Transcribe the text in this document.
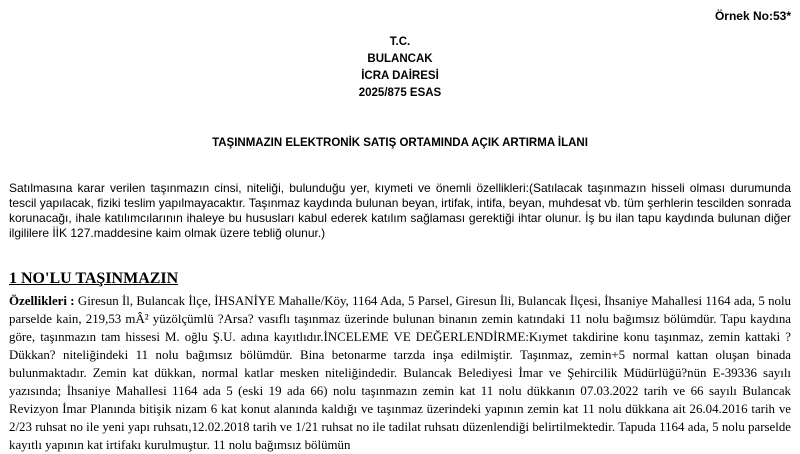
Örnek No:53*
T.C.
BULANCAK
İCRA DAİRESİ
2025/875 ESAS
TAŞINMAZIN ELEKTRONİK SATIŞ ORTAMINDA AÇIK ARTIRMA İLANI

Satılmasına karar verilen taşınmazın cinsi, niteliği, bulunduğu yer, kıymeti ve önemli özellikleri:(Satılacak taşınmazın hisseli olması durumunda tescil yapılacak, fiziki teslim yapılmayacaktır. Taşınmaz kaydında bulunan beyan, irtifak, intifa, beyan, muhdesat vb. tüm şerhlerin tescilden sonrada korunacağı, ihale katılımcılarının ihaleye bu hususları kabul ederek katılım sağlaması gerektiği ihtar olunur. İş bu ilan tapu kaydında bulunan diğer ilgililere İİK 127.maddesine kaim olmak üzere tebliğ olunur.)

1 NO'LU TAŞINMAZIN

Özellikleri : Giresun İl, Bulancak İlçe, İHSANİYE Mahalle/Köy, 1164 Ada, 5 Parsel, Giresun İli, Bulancak İlçesi, İhsaniye Mahallesi 1164 ada, 5 nolu parselde kain, 219,53 mÂ² yüzölçümlü ?Arsa? vasıflı taşınmaz üzerinde bulunan binanın zemin katındaki 11 nolu bağımsız bölümdür. Tapu kaydına göre, taşınmazın tam hissesi M. oğlu Ş.U. adına kayıtlıdır.İNCELEME VE DEĞERLENDİRME:Kıymet takdirine konu taşınmaz, zemin kattaki ?Dükkan? niteliğindeki 11 nolu bağımsız bölümdür. Bina betonarme tarzda inşa edilmiştir. Taşınmaz, zemin+5 normal kattan oluşan binada bulunmaktadır. Zemin kat dükkan, normal katlar mesken niteliğindedir. Bulancak Belediyesi İmar ve Şehircilik Müdürlüğü?nün E-39336 sayılı yazısında; İhsaniye Mahallesi 1164 ada 5 (eski 19 ada 66) nolu taşınmazın zemin kat 11 nolu dükkanın 07.03.2022 tarih ve 66 sayılı Bulancak Revizyon İmar Planında bitişik nizam 6 kat konut alanında kaldığı ve taşınmaz üzerindeki yapının zemin kat 11 nolu dükkana ait 26.04.2016 tarih ve 2/23 ruhsat no ile yeni yapı ruhsatı,12.02.2018 tarih ve 1/21 ruhsat no ile tadilat ruhsatı düzenlendiği belirtilmektedir. Tapuda 1164 ada, 5 nolu parselde kayıtlı yapının kat irtifakı kurulmuştur. 11 nolu bağımsız bölümün
